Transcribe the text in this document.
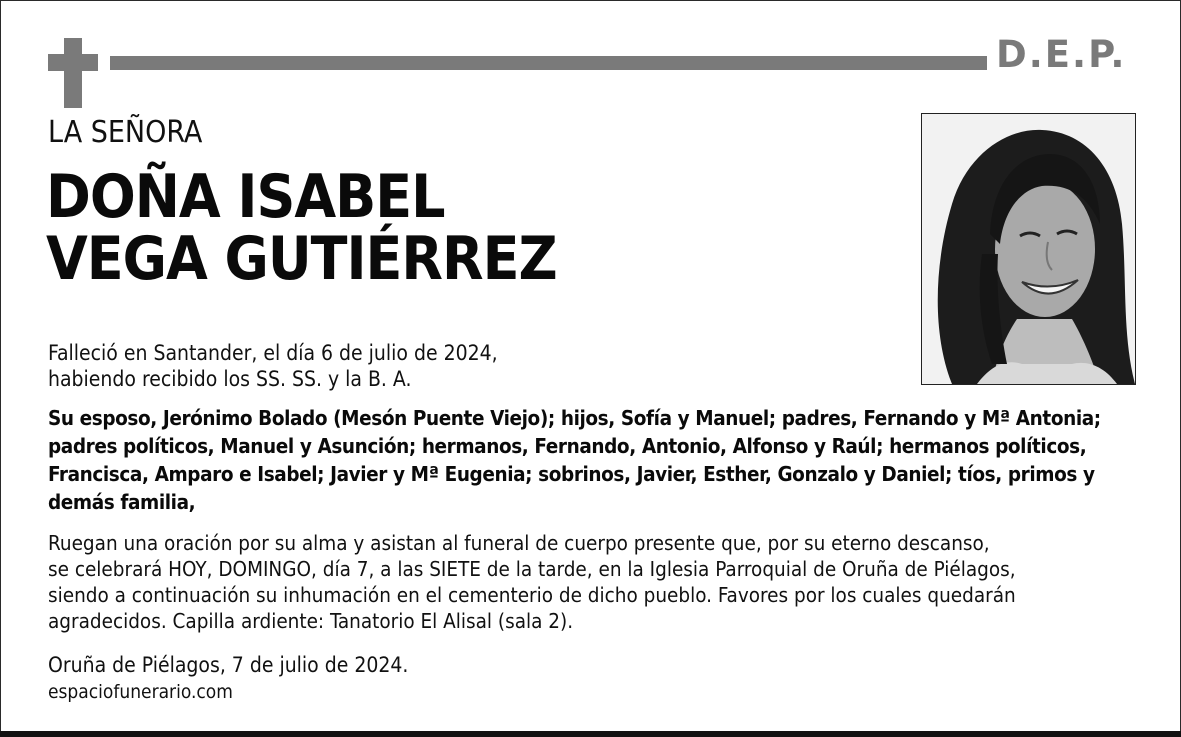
D.E.P.
LA SEÑORA
DOÑA ISABEL
VEGA GUTIÉRREZ
Falleció en Santander, el día 6 de julio de 2024,
habiendo recibido los SS. SS. y la B. A.
Su esposo, Jerónimo Bolado (Mesón Puente Viejo); hijos, Sofía y Manuel; padres, Fernando y Mª Antonia; padres políticos, Manuel y Asunción; hermanos, Fernando, Antonio, Alfonso y Raúl; hermanos políticos, Francisca, Amparo e Isabel; Javier y Mª Eugenia; sobrinos, Javier, Esther, Gonzalo y Daniel; tíos, primos y demás familia,
Ruegan una oración por su alma y asistan al funeral de cuerpo presente que, por su eterno descanso,
se celebrará HOY, DOMINGO, día 7, a las SIETE de la tarde, en la Iglesia Parroquial de Oruña de Piélagos,
siendo a continuación su inhumación en el cementerio de dicho pueblo. Favores por los cuales quedarán
agradecidos. Capilla ardiente: Tanatorio El Alisal (sala 2).
Oruña de Piélagos, 7 de julio de 2024.
espaciofunerario.com
